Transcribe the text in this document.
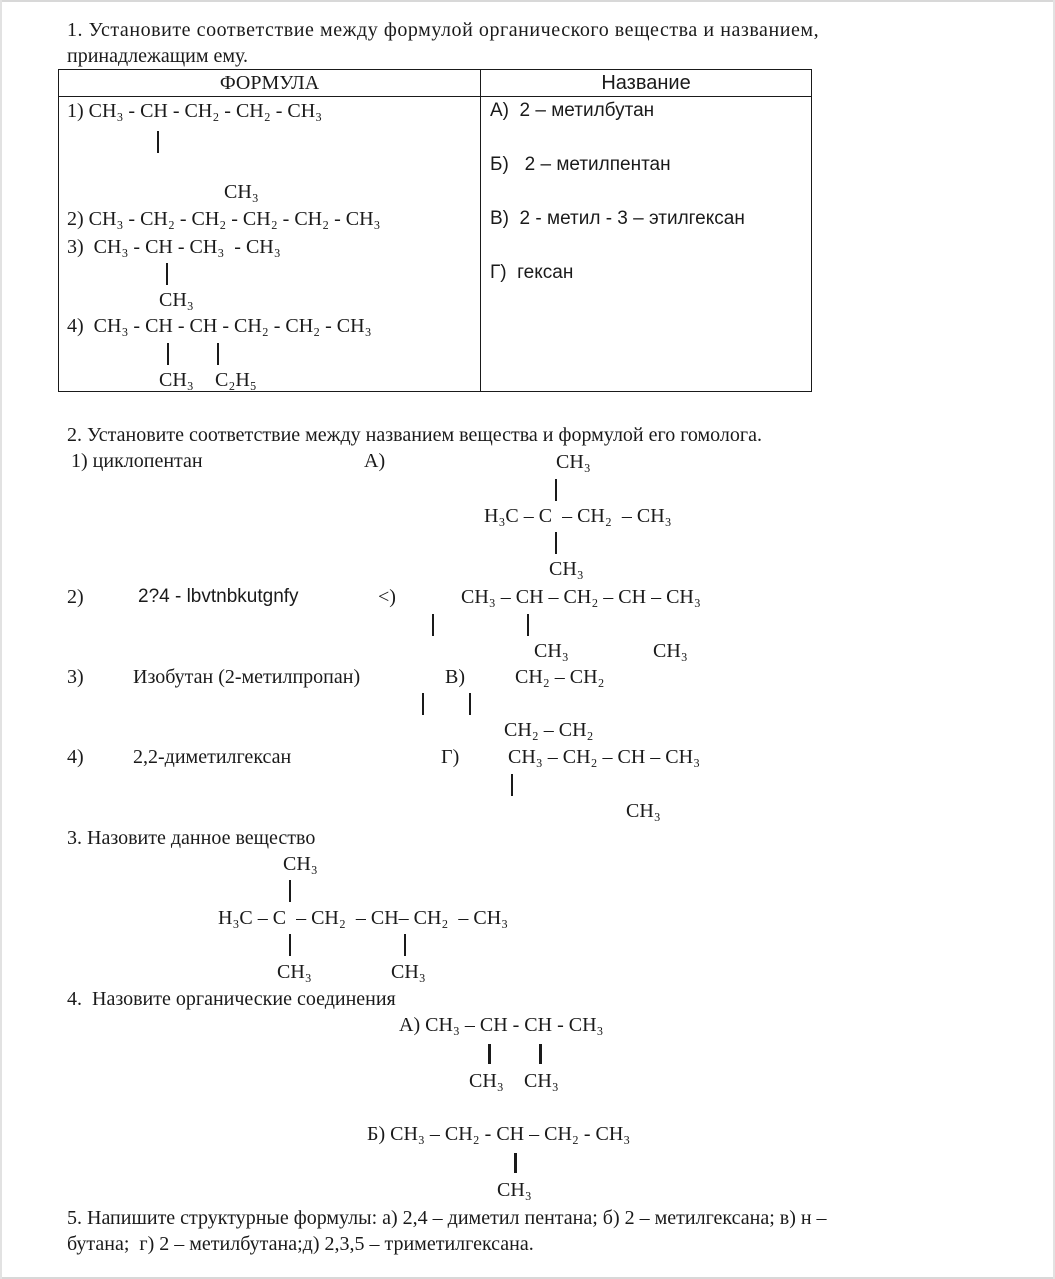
1. Установите соответствие между формулой органического вещества и названием,
принадлежащим ему.
ФОРМУЛА	Название

1) CH₃ - CH - CH₂ - CH₂ - CH₃
CH₃
2) CH₃ - CH₂ - CH₂ - CH₂ - CH₂ - CH₃
3)  CH₃ - CH - CH₃  - CH₃
CH₃
4)  CH₃ - CH - CH - CH₂ - CH₂ - CH₃
CH₃ C₂H₅
А)  2 – метилбутан
Б)   2 – метилпентан
В)  2 - метил - 3 – этилгексан
Г)  гексан
2. Установите соответствие между названием вещества и формулой его гомолога.
1) циклопентан	А)	CH₃
H₃C – C  – CH₂  – CH₃
CH₃
2)	2?4 - lbvtnbkutgnfy	<)	CH₃ – CH – CH₂ – CH – CH₃
CH₃	CH₃
3) Изобутан (2-метилпропан)	В)	CH₂ – CH₂
CH₂ – CH₂
4) 2,2-диметилгексан	Г) CH₃ – CH₂ – CH – CH₃
CH₃
3. Назовите данное вещество
CH₃
H₃C – C  – CH₂  – CH– CH₂  – CH₃
CH₃	CH₃
4.  Назовите органические соединения
А) CH₃ – CH - CH - CH₃
CH₃ CH₃
Б) CH₃ – CH₂ - CH – CH₂ - CH₃
CH₃
5. Напишите структурные формулы: а) 2,4 – диметил пентана; б) 2 – метилгексана; в) н –
бутана;  г) 2 – метилбутана;д) 2,3,5 – триметилгексана.
